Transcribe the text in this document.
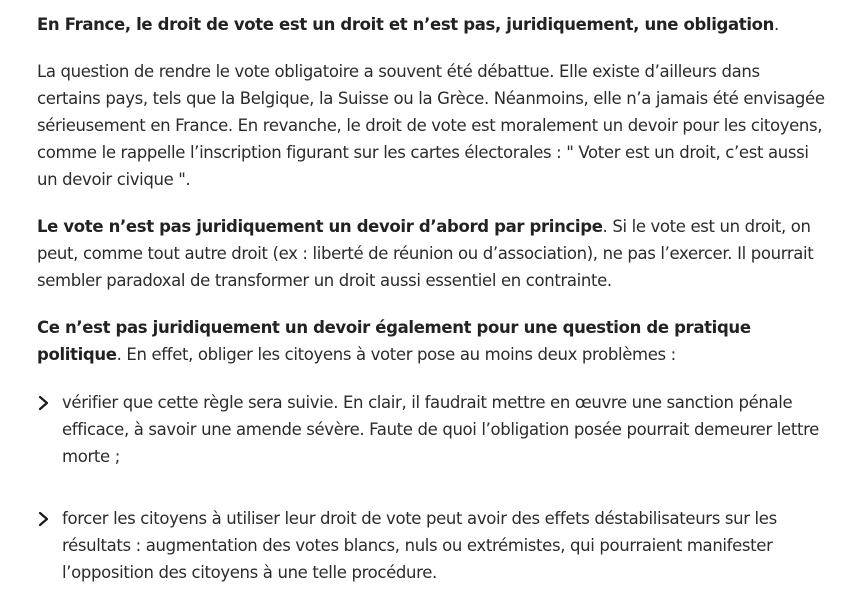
En France, le droit de vote est un droit et n’est pas, juridiquement, une obligation.

La question de rendre le vote obligatoire a souvent été débattue. Elle existe d’ailleurs dans certains pays, tels que la Belgique, la Suisse ou la Grèce. Néanmoins, elle n’a jamais été envisagée sérieusement en France. En revanche, le droit de vote est moralement un devoir pour les citoyens, comme le rappelle l’inscription figurant sur les cartes électorales : " Voter est un droit, c’est aussi un devoir civique ".

Le vote n’est pas juridiquement un devoir d’abord par principe. Si le vote est un droit, on peut, comme tout autre droit (ex : liberté de réunion ou d’association), ne pas l’exercer. Il pourrait sembler paradoxal de transformer un droit aussi essentiel en contrainte.

Ce n’est pas juridiquement un devoir également pour une question de pratique politique. En effet, obliger les citoyens à voter pose au moins deux problèmes :

vérifier que cette règle sera suivie. En clair, il faudrait mettre en œuvre une sanction pénale efficace, à savoir une amende sévère. Faute de quoi l’obligation posée pourrait demeurer lettre morte ;

forcer les citoyens à utiliser leur droit de vote peut avoir des effets déstabilisateurs sur les résultats : augmentation des votes blancs, nuls ou extrémistes, qui pourraient manifester l’opposition des citoyens à une telle procédure.
